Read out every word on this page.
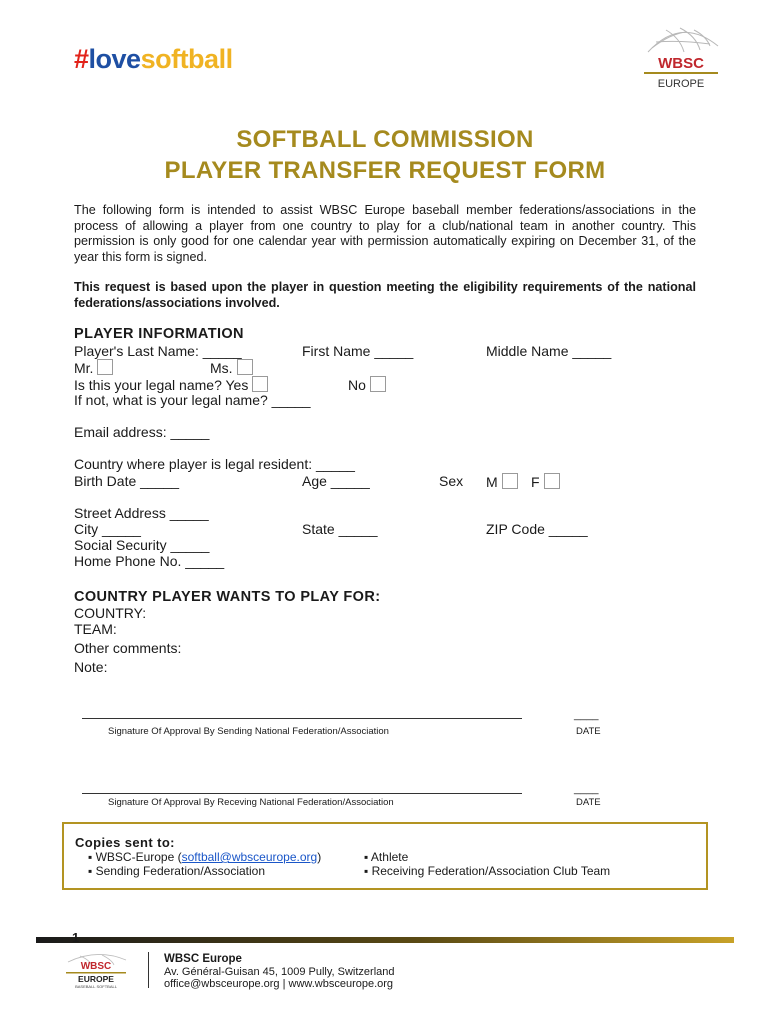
#lovesoftball	WBSC
EUROPE
SOFTBALL COMMISSION
PLAYER TRANSFER REQUEST FORM
The following form is intended to assist WBSC Europe baseball member federations/associations in the process of allowing a player from one country to play for a club/national team in another country. This permission is only good for one calendar year with permission automatically expiring on December 31, of the year this form is signed.
This request is based upon the player in question meeting the eligibility requirements of the national federations/associations involved.
PLAYER INFORMATION
Player's Last Name: _____	First Name _____	Middle Name _____
Mr.	Ms.
Is this your legal name? Yes	No
If not, what is your legal name? _____
Email address: _____
Country where player is legal resident: _____
Birth Date _____	Age _____	Sex M	F
Street Address _____
City _____	State _____	ZIP Code _____
Social Security _____
Home Phone No. _____
COUNTRY PLAYER WANTS TO PLAY FOR:
COUNTRY:
TEAM:
Other comments:
Note:
____
Signature Of Approval By Sending National Federation/Association	DATE
____
Signature Of Approval By Receving National Federation/Association	DATE
Copies sent to:
▪ WBSC-Europe (softball@wbsceurope.org)
▪ Sending Federation/Association
▪ Athlete
▪ Receiving Federation/Association Club Team
1
WBSC
EUROPE
BASEBALL SOFTBALL
WBSC Europe
Av. Général-Guisan 45, 1009 Pully, Switzerland
office@wbsceurope.org | www.wbsceurope.org
